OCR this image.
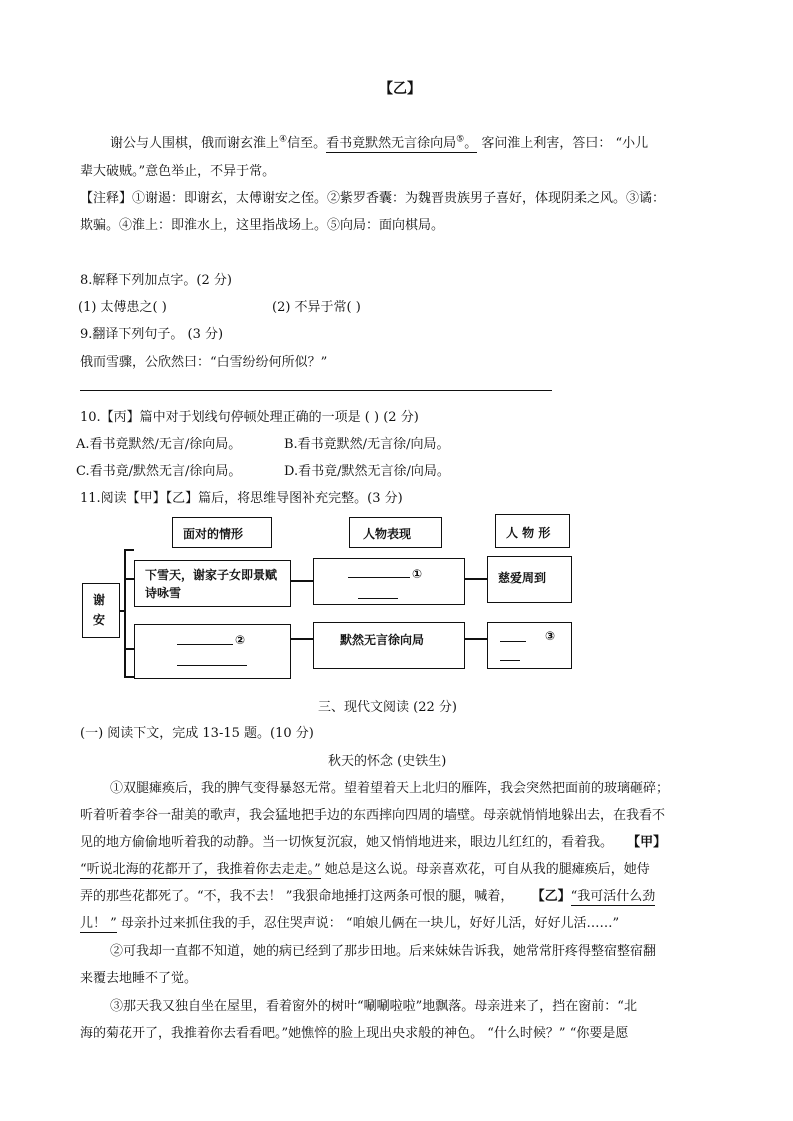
【乙】
谢公与人围棋，俄而谢玄淮上④信至。看书竟默然无言徐向局⑤。 客问淮上利害，答曰： “小儿
辈大破贼。”意色举止，不异于常。
【注释】①谢遏：即谢玄，太傅谢安之侄。②紫罗香囊：为魏晋贵族男子喜好，体现阴柔之风。③谲：
欺骗。④淮上：即淮水上，这里指战场上。⑤向局：面向棋局。
8.解释下列加点字。(2 分)
(1) 太傅患之( )	(2) 不异于常( )
9.翻译下列句子。 (3 分)
俄而雪骤，公欣然曰：“白雪纷纷何所似？”
10.【丙】篇中对于划线句停顿处理正确的一项是 ( ) (2 分)
A.看书竟默然/无言/徐向局。	B.看书竟默然/无言徐/向局。
C.看书竟/默然无言/徐向局。	D.看书竟/默然无言徐/向局。
11.阅读【甲】【乙】篇后，将思维导图补充完整。(3 分)
面对的情形	人物表现	人 物 形
谢安
下雪天，谢家子女即景赋诗咏雪
①	慈爱周到
②	默然无言徐向局	③
三、现代文阅读 (22 分)
(一) 阅读下文，完成 13-15 题。(10 分)
秋天的怀念 (史铁生)
①双腿瘫痪后，我的脾气变得暴怒无常。望着望着天上北归的雁阵，我会突然把面前的玻璃砸碎；
听着听着李谷一甜美的歌声，我会猛地把手边的东西摔向四周的墙壁。母亲就悄悄地躲出去，在我看不
见的地方偷偷地听着我的动静。当一切恢复沉寂，她又悄悄地进来，眼边儿红红的，看着我。 【甲】
“听说北海的花都开了，我推着你去走走。” 她总是这么说。母亲喜欢花，可自从我的腿瘫痪后，她侍
弄的那些花都死了。“不，我不去！ ”我狠命地捶打这两条可恨的腿，喊着， 【乙】“我可活什么劲
儿！ ” 母亲扑过来抓住我的手，忍住哭声说： “咱娘儿俩在一块儿，好好儿活，好好儿活……”
②可我却一直都不知道，她的病已经到了那步田地。后来妹妹告诉我，她常常肝疼得整宿整宿翻
来覆去地睡不了觉。
③那天我又独自坐在屋里，看着窗外的树叶“唰唰啦啦”地飘落。母亲进来了，挡在窗前：“北
海的菊花开了，我推着你去看看吧。”她憔悴的脸上现出央求般的神色。 “什么时候？” “你要是愿
